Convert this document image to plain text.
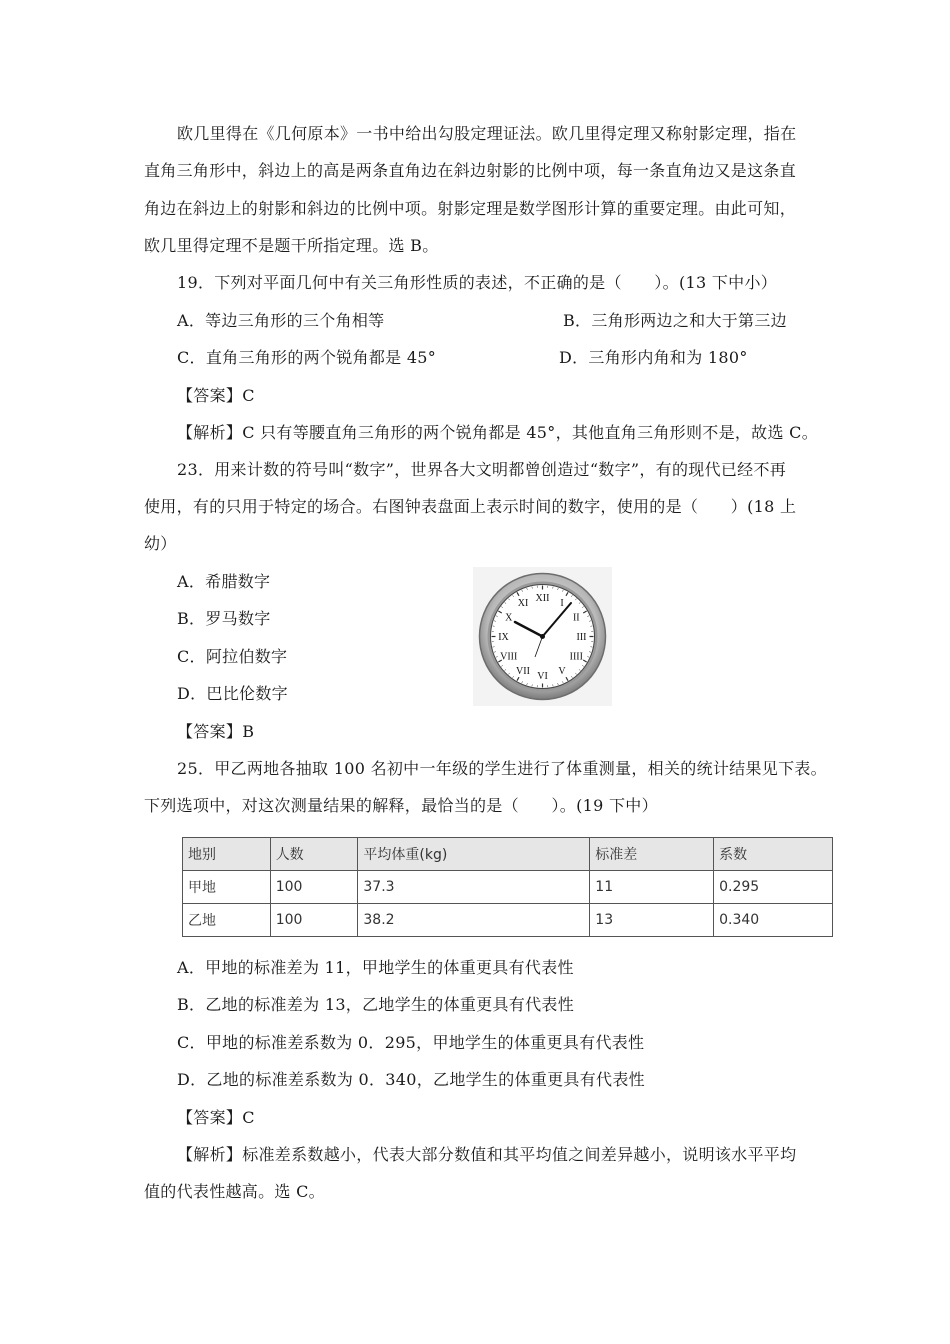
欧几里得在《几何原本》一书中给出勾股定理证法。欧几里得定理又称射影定理，指在
直角三角形中，斜边上的高是两条直角边在斜边射影的比例中项，每一条直角边又是这条直
角边在斜边上的射影和斜边的比例中项。射影定理是数学图形计算的重要定理。由此可知，
欧几里得定理不是题干所指定理。选 B。
19．下列对平面几何中有关三角形性质的表述，不正确的是（　　）。(13 下中小）
A．等边三角形的三个角相等	B．三角形两边之和大于第三边
C．直角三角形的两个锐角都是 45°	D．三角形内角和为 180°
【答案】C
【解析】C 只有等腰直角三角形的两个锐角都是 45°，其他直角三角形则不是，故选 C。
23．用来计数的符号叫“数字”，世界各大文明都曾创造过“数字”，有的现代已经不再
使用，有的只用于特定的场合。右图钟表盘面上表示时间的数字，使用的是（　　）(18 上
幼）
A．希腊数字
B．罗马数字
C．阿拉伯数字
D．巴比伦数字
【答案】B
XII I
II
III
IIII
V
VI
VII
VIII
IX
X
XI
25．甲乙两地各抽取 100 名初中一年级的学生进行了体重测量，相关的统计结果见下表。
下列选项中，对这次测量结果的解释，最恰当的是（　　）。(19 下中）
地别	人数	平均体重(kg)	标准差	系数
甲地	100	37.3	11	0.295
乙地	100	38.2	13	0.340
A．甲地的标准差为 11，甲地学生的体重更具有代表性
B．乙地的标准差为 13，乙地学生的体重更具有代表性
C．甲地的标准差系数为 0．295，甲地学生的体重更具有代表性
D．乙地的标准差系数为 0．340，乙地学生的体重更具有代表性
【答案】C
【解析】标准差系数越小，代表大部分数值和其平均值之间差异越小，说明该水平平均
值的代表性越高。选 C。
